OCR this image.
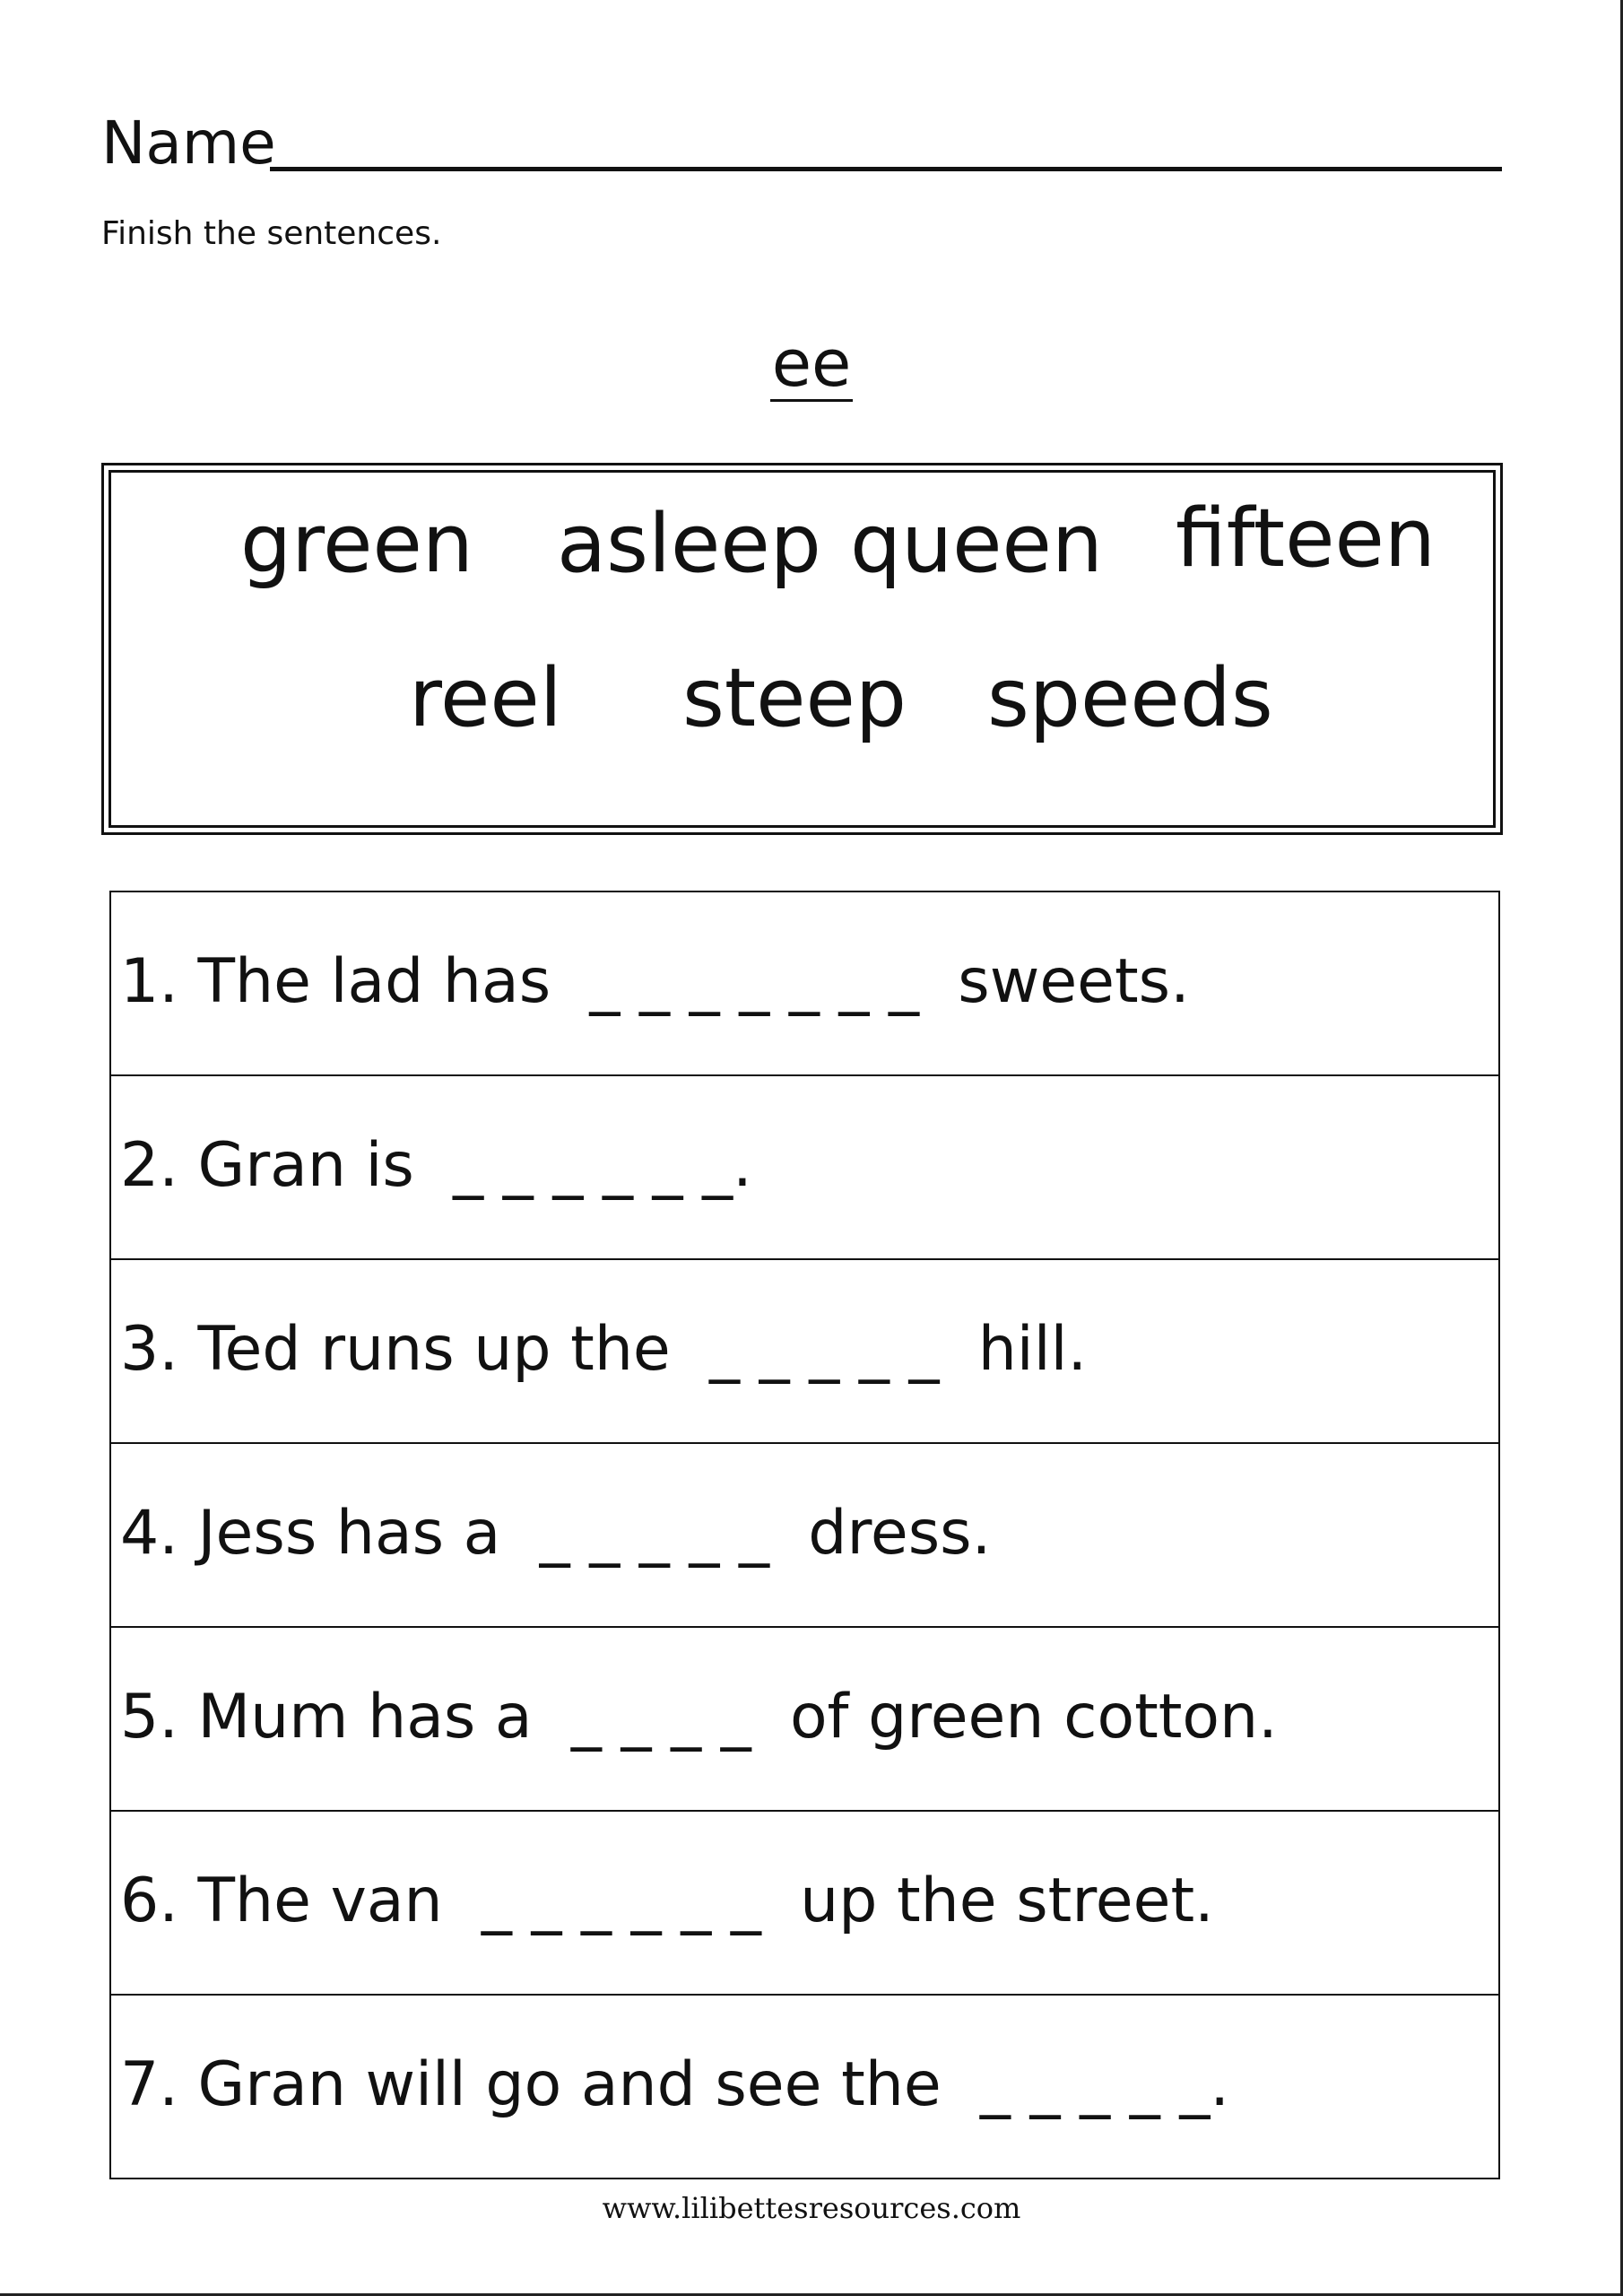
Name
Finish the sentences.
ee
green asleep queen fifteen
reel steep speeds
1. The lad has _ _ _ _ _ _ _ sweets.
2. Gran is _ _ _ _ _ _.
3. Ted runs up the _ _ _ _ _ hill.
4. Jess has a _ _ _ _ _ dress.
5. Mum has a _ _ _ _ of green cotton.
6. The van _ _ _ _ _ _ up the street.
7. Gran will go and see the _ _ _ _ _.
www.lilibettesresources.com
